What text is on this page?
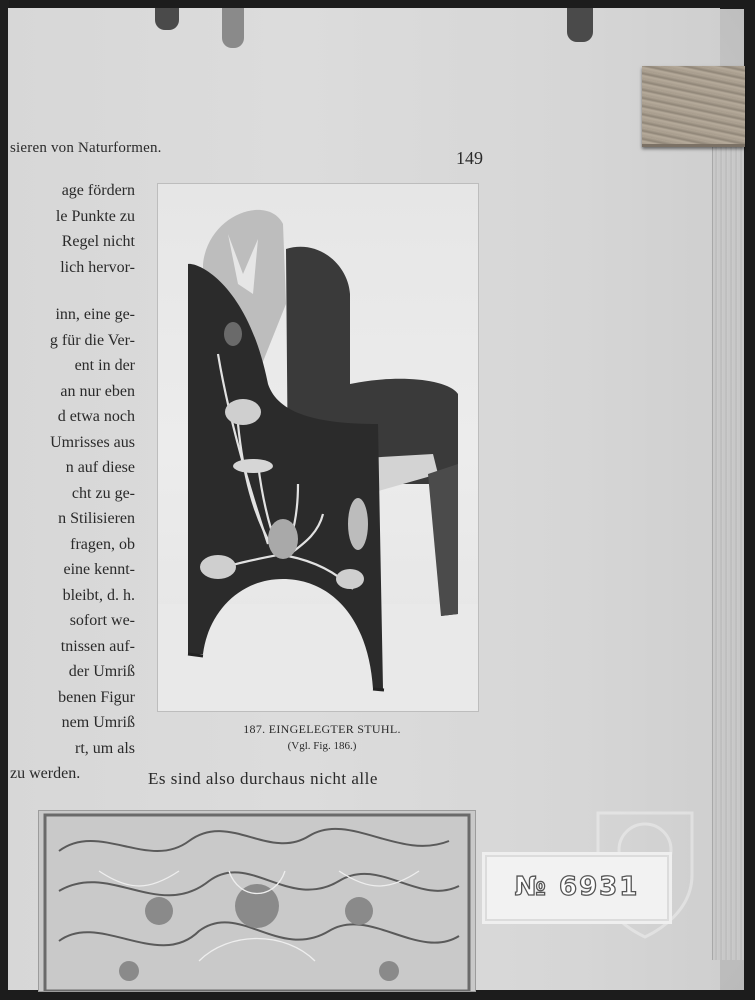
sieren von Naturformen.	149
age fördern
le Punkte zu
Regel nicht
lich hervor-
inn, eine ge-
g für die Ver-
ent in der
an nur eben
d etwa noch
Umrisses aus
n auf diese
cht zu ge-
n Stilisieren
fragen, ob
eine kennt-
bleibt, d. h.
sofort we-
tnissen auf-
der Umriß
benen Figur
nem Umriß
rt, um als
zu werden.
187. EINGELEGTER STUHL.
(Vgl. Fig. 186.)
Es sind also durchaus nicht alle
№ 6931
